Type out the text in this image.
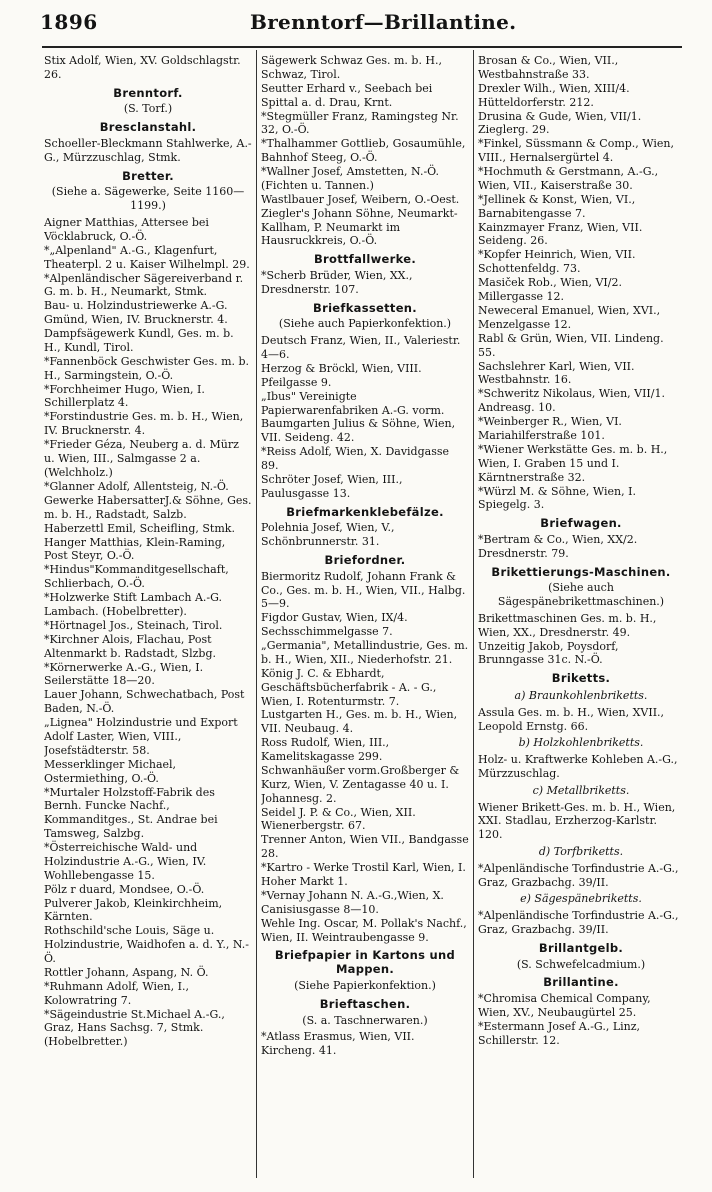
1896	Brenntorf—Brillantine.
Stix Adolf, Wien, XV. Goldschlagstr. 26.
Brenntorf.
(S. Torf.)
Bresclanstahl.
Schoeller-Bleckmann Stahlwerke, A.-G., Mürzzuschlag, Stmk.
Bretter.
(Siehe a. Sägewerke, Seite 1160—1199.)
Aigner Matthias, Attersee bei Vöcklabruck, O.-Ö.
*„Alpenland" A.-G., Klagenfurt, Theaterpl. 2 u. Kaiser Wilhelmpl. 29.
*Alpenländischer Sägereiverband r. G. m. b. H., Neumarkt, Stmk.
Bau- u. Holzindustriewerke A.-G. Gmünd, Wien, IV. Brucknerstr. 4.
Dampfsägewerk Kundl, Ges. m. b. H., Kundl, Tirol.
*Fannenböck Geschwister Ges. m. b. H., Sarmingstein, O.-Ö.
*Forchheimer Hugo, Wien, I. Schillerplatz 4.
*Forstindustrie Ges. m. b. H., Wien, IV. Brucknerstr. 4.
*Frieder Géza, Neuberg a. d. Mürz u. Wien, III., Salmgasse 2 a. (Welchholz.)
*Glanner Adolf, Allentsteig, N.-Ö.
Gewerke HabersatterJ.& Söhne, Ges. m. b. H., Radstadt, Salzb.
Haberzettl Emil, Scheifling, Stmk.
Hanger Matthias, Klein-Raming, Post Steyr, O.-Ö.
*Hindus"Kommanditgesellschaft, Schlierbach, O.-Ö.
*Holzwerke Stift Lambach A.-G. Lambach. (Hobelbretter).
*Hörtnagel Jos., Steinach, Tirol.
*Kirchner Alois, Flachau, Post Altenmarkt b. Radstadt, Slzbg.
*Körnerwerke A.-G., Wien, I. Seilerstätte 18—20.
Lauer Johann, Schwechatbach, Post Baden, N.-Ö.
„Lignea" Holzindustrie und Export Adolf Laster, Wien, VIII., Josefstädterstr. 58.
Messerklinger Michael, Ostermiething, O.-Ö.
*Murtaler Holzstoff-Fabrik des Bernh. Funcke Nachf., Kommanditges., St. Andrae bei Tamsweg, Salzbg.
*Österreichische Wald- und Holzindustrie A.-G., Wien, IV. Wohllebengasse 15.
Pölz r duard, Mondsee, O.-Ö.
Pulverer Jakob, Kleinkirchheim, Kärnten.
Rothschild'sche Louis, Säge u. Holzindustrie, Waidhofen a. d. Y., N.-Ö.
Rottler Johann, Aspang, N. Ö.
*Ruhmann Adolf, Wien, I., Kolowratring 7.
*Sägeindustrie St.Michael A.-G., Graz, Hans Sachsg. 7, Stmk. (Hobelbretter.)
Sägewerk Schwaz Ges. m. b. H., Schwaz, Tirol.
Seutter Erhard v., Seebach bei Spittal a. d. Drau, Krnt.
*Stegmüller Franz, Ramingsteg Nr. 32, O.-Ö.
*Thalhammer Gottlieb, Gosaumühle, Bahnhof Steeg, O.-Ö.
*Wallner Josef, Amstetten, N.-Ö. (Fichten u. Tannen.)
Wastlbauer Josef, Weibern, O.-Oest.
Ziegler's Johann Söhne, Neumarkt-Kallham, P. Neumarkt im Hausruckkreis, O.-Ö.
Brottfallwerke.
*Scherb Brüder, Wien, XX., Dresdnerstr. 107.
Briefkassetten.
(Siehe auch Papierkonfektion.)
Deutsch Franz, Wien, II., Valeriestr. 4—6.
Herzog & Bröckl, Wien, VIII. Pfeilgasse 9.
„Ibus" Vereinigte Papierwarenfabriken A.-G. vorm. Baumgarten Julius & Söhne, Wien, VII. Seideng. 42.
*Reiss Adolf, Wien, X. Davidgasse 89.
Schröter Josef, Wien, III., Paulusgasse 13.
Briefmarkenklebefälze.
Polehnia Josef, Wien, V., Schönbrunnerstr. 31.
Briefordner.
Biermoritz Rudolf, Johann Frank & Co., Ges. m. b. H., Wien, VII., Halbg. 5—9.
Figdor Gustav, Wien, IX/4. Sechsschimmelgasse 7.
„Germania", Metallindustrie, Ges. m. b. H., Wien, XII., Niederhofstr. 21.
König J. C. & Ebhardt, Geschäftsbücherfabrik - A. - G., Wien, I. Rotenturmstr. 7.
Lustgarten H., Ges. m. b. H., Wien, VII. Neubaug. 4.
Ross Rudolf, Wien, III., Kamelitskagasse 299.
Schwanhäußer vorm.Großberger & Kurz, Wien, V. Zentagasse 40 u. I. Johannesg. 2.
Seidel J. P. & Co., Wien, XII. Wienerbergstr. 67.
Trenner Anton, Wien VII., Bandgasse 28.
*Kartro - Werke Trostil Karl, Wien, I. Hoher Markt 1.
*Vernay Johann N. A.-G.,Wien, X. Canisiusgasse 8—10.
Wehle Ing. Oscar, M. Pollak's Nachf., Wien, II. Weintraubengasse 9.
Briefpapier in Kartons und Mappen.
(Siehe Papierkonfektion.)
Brieftaschen.
(S. a. Taschnerwaren.)
*Atlass Erasmus, Wien, VII. Kircheng. 41.
Brosan & Co., Wien, VII., Westbahnstraße 33.
Drexler Wilh., Wien, XIII/4. Hütteldorferstr. 212.
Drusina & Gude, Wien, VII/1. Zieglerg. 29.
*Finkel, Süssmann & Comp., Wien, VIII., Hernalsergürtel 4.
*Hochmuth & Gerstmann, A.-G., Wien, VII., Kaiserstraße 30.
*Jellinek & Konst, Wien, VI., Barnabitengasse 7.
Kainzmayer Franz, Wien, VII. Seideng. 26.
*Kopfer Heinrich, Wien, VII. Schottenfeldg. 73.
Masiček Rob., Wien, VI/2. Millergasse 12.
Neweceral Emanuel, Wien, XVI., Menzelgasse 12.
Rabl & Grün, Wien, VII. Lindeng. 55.
Sachslehrer Karl, Wien, VII. Westbahnstr. 16.
*Schweritz Nikolaus, Wien, VII/1. Andreasg. 10.
*Weinberger R., Wien, VI. Mariahilferstraße 101.
*Wiener Werkstätte Ges. m. b. H., Wien, I. Graben 15 und I. Kärntnerstraße 32.
*Würzl M. & Söhne, Wien, I. Spiegelg. 3.
Briefwagen.
*Bertram & Co., Wien, XX/2. Dresdnerstr. 79.
Brikettierungs-Maschinen.
(Siehe auch Sägespänebrikettmaschinen.)
Brikettmaschinen Ges. m. b. H., Wien, XX., Dresdnerstr. 49.
Unzeitig Jakob, Poysdorf, Brunngasse 31c. N.-Ö.
Briketts.
a) Braunkohlenbriketts.
Assula Ges. m. b. H., Wien, XVII., Leopold Ernstg. 66.
b) Holzkohlenbriketts.
Holz- u. Kraftwerke Kohleben A.-G., Mürzzuschlag.
c) Metallbriketts.
Wiener Brikett-Ges. m. b. H., Wien, XXI. Stadlau, Erzherzog-Karlstr. 120.
d) Torfbriketts.
*Alpenländische Torfindustrie A.-G., Graz, Grazbachg. 39/II.
e) Sägespänebriketts.
*Alpenländische Torfindustrie A.-G., Graz, Grazbachg. 39/II.
Brillantgelb.
(S. Schwefelcadmium.)
Brillantine.
*Chromisa Chemical Company, Wien, XV., Neubaugürtel 25.
*Estermann Josef A.-G., Linz, Schillerstr. 12.
